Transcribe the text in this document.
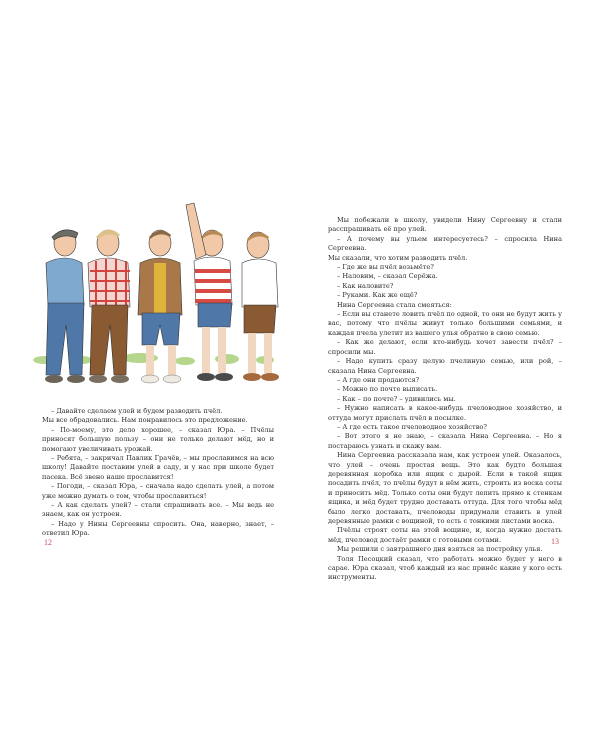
– Давайте сделаем улей и будем разводить пчёл.

Мы все обрадовались. Нам понравилось это предложение.

– По-моему, это дело хорошее, – сказал Юра. – Пчёлы приносят большую пользу – они не только делают мёд, но и помогают увеличивать урожай.

– Ребята, – закричал Павлик Грачёв, – мы прославимся на всю школу! Давайте поставим улей в саду, и у нас при школе будет пасека. Всё звено наше прославится!

– Погоди, – сказал Юра, – сначала надо сделать улей, а потом уже можно думать о том, чтобы прославиться!

– А как сделать улей? – стали спрашивать все. – Мы ведь не знаем, как он устроен.

– Надо у Нины Сергеевны спросить. Она, наверно, знает, – ответил Юра.

12

Мы побежали в школу, увидели Нину Сергеевну и стали расспрашивать её про улей.

– А почему вы ульем интересуетесь? – спросила Нина Сергеевна.

Мы сказали, что хотим разводить пчёл.

– Где же вы пчёл возьмёте?

– Наловим, – сказал Серёжа.

– Как наловите?

– Руками. Как же ещё?

Нина Сергеевна стала смеяться:

– Если вы станете ловить пчёл по одной, то они не будут жить у вас, потому что пчёлы живут только большими семьями, и каждая пчела улетит из вашего улья обратно в свою семью.

– Как же делают, если кто-нибудь хочет завести пчёл? – спросили мы.

– Надо купить сразу целую пчелиную семью, или рой, – сказала Нина Сергеевна.

– А где они продаются?

– Можно по почте выписать.

– Как – по почте? – удивились мы.

– Нужно написать в какое-нибудь пчеловодное хозяйство, и оттуда могут прислать пчёл в посылке.

– А где есть такое пчеловодное хозяйство?

– Вот этого я не знаю, – сказала Нина Сергеевна. – Но я постараюсь узнать и скажу вам.

Нина Сергеевна рассказала нам, как устроен улей. Оказалось, что улей – очень простая вещь. Это как будто большая деревянная коробка или ящик с дырой. Если в такой ящик посадить пчёл, то пчёлы будут в нём жить, строить из воска соты и приносить мёд. Только соты они будут лепить прямо к стенкам ящика, и мёд будет трудно доставать оттуда. Для того чтобы мёд было легко доставать, пчеловоды придумали ставить в улей деревянные рамки с вощиной, то есть с тонкими листами воска.

Пчёлы строят соты на этой вощине, и, когда нужно достать мёд, пчеловод достаёт рамки с готовыми сотами.

Мы решили с завтрашнего дня взяться за постройку улья.

Толя Песоцкий сказал, что работать можно будет у него в сарае. Юра сказал, чтоб каждый из нас принёс какие у кого есть инструменты.

13
